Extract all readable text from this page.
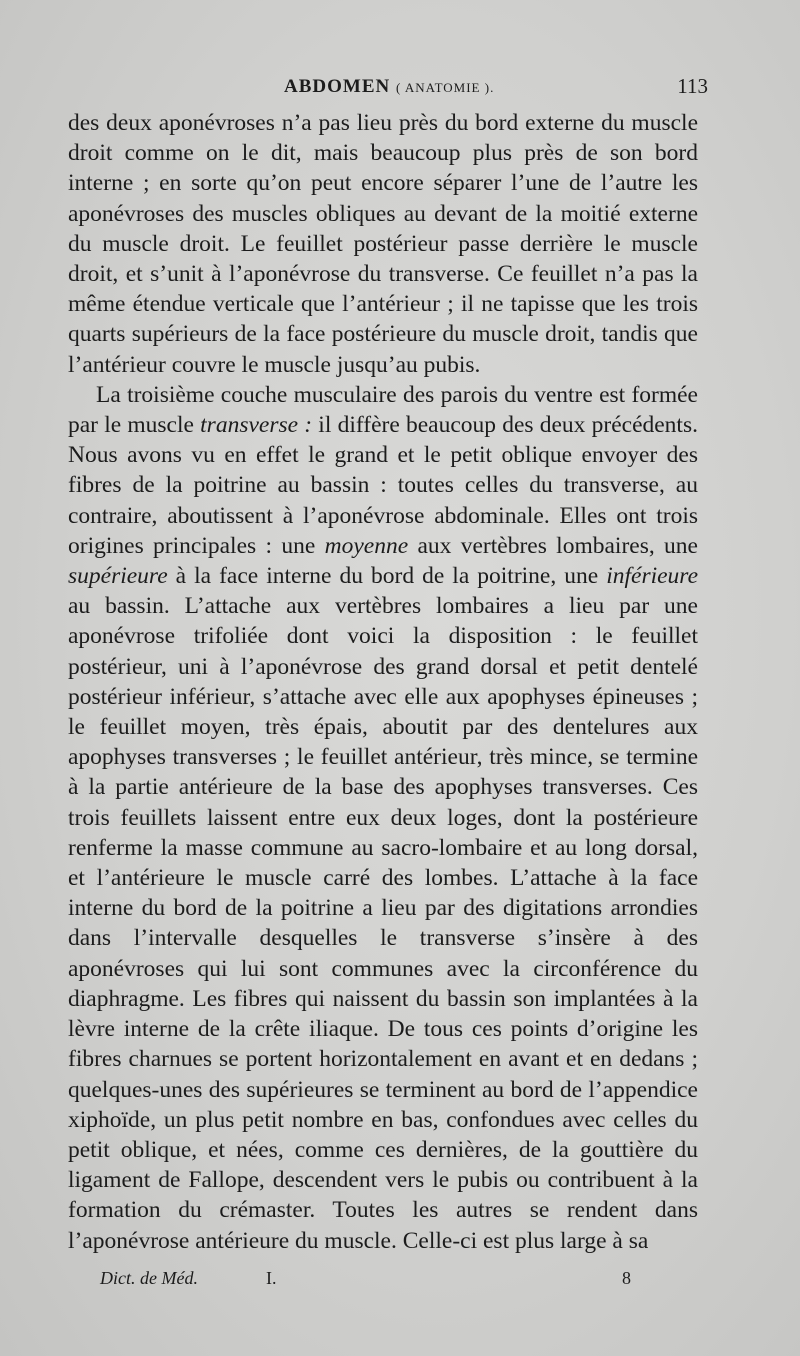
ABDOMEN ( ANATOMIE ).	113

des deux aponévroses n’a pas lieu près du bord externe du muscle droit comme on le dit, mais beaucoup plus près de son bord interne ; en sorte qu’on peut encore séparer l’une de l’autre les aponévroses des muscles obliques au devant de la moitié externe du muscle droit. Le feuillet postérieur passe derrière le muscle droit, et s’unit à l’aponévrose du transverse. Ce feuillet n’a pas la même étendue verticale que l’antérieur ; il ne tapisse que les trois quarts supérieurs de la face postérieure du muscle droit, tandis que l’antérieur couvre le muscle jusqu’au pubis.

La troisième couche musculaire des parois du ventre est formée par le muscle transverse : il diffère beaucoup des deux précédents. Nous avons vu en effet le grand et le petit oblique envoyer des fibres de la poitrine au bassin : toutes celles du transverse, au contraire, aboutissent à l’aponévrose abdominale. Elles ont trois origines principales : une moyenne aux vertèbres lombaires, une supérieure à la face interne du bord de la poitrine, une inférieure au bassin. L’attache aux vertèbres lombaires a lieu par une aponévrose trifoliée dont voici la disposition : le feuillet postérieur, uni à l’aponévrose des grand dorsal et petit dentelé postérieur inférieur, s’attache avec elle aux apophyses épineuses ; le feuillet moyen, très épais, aboutit par des dentelures aux apophyses transverses ; le feuillet antérieur, très mince, se termine à la partie antérieure de la base des apophyses transverses. Ces trois feuillets laissent entre eux deux loges, dont la postérieure renferme la masse commune au sacro-lombaire et au long dorsal, et l’antérieure le muscle carré des lombes. L’attache à la face interne du bord de la poitrine a lieu par des digitations arrondies dans l’intervalle desquelles le transverse s’insère à des aponévroses qui lui sont communes avec la circonférence du diaphragme. Les fibres qui naissent du bassin son implantées à la lèvre interne de la crête iliaque. De tous ces points d’origine les fibres charnues se portent horizontalement en avant et en dedans ; quelques-unes des supérieures se terminent au bord de l’appendice xiphoïde, un plus petit nombre en bas, confondues avec celles du petit oblique, et nées, comme ces dernières, de la gouttière du ligament de Fallope, descendent vers le pubis ou contribuent à la formation du crémaster. Toutes les autres se rendent dans l’aponévrose antérieure du muscle. Celle-ci est plus large à sa

Dict. de Méd.	I.	8
